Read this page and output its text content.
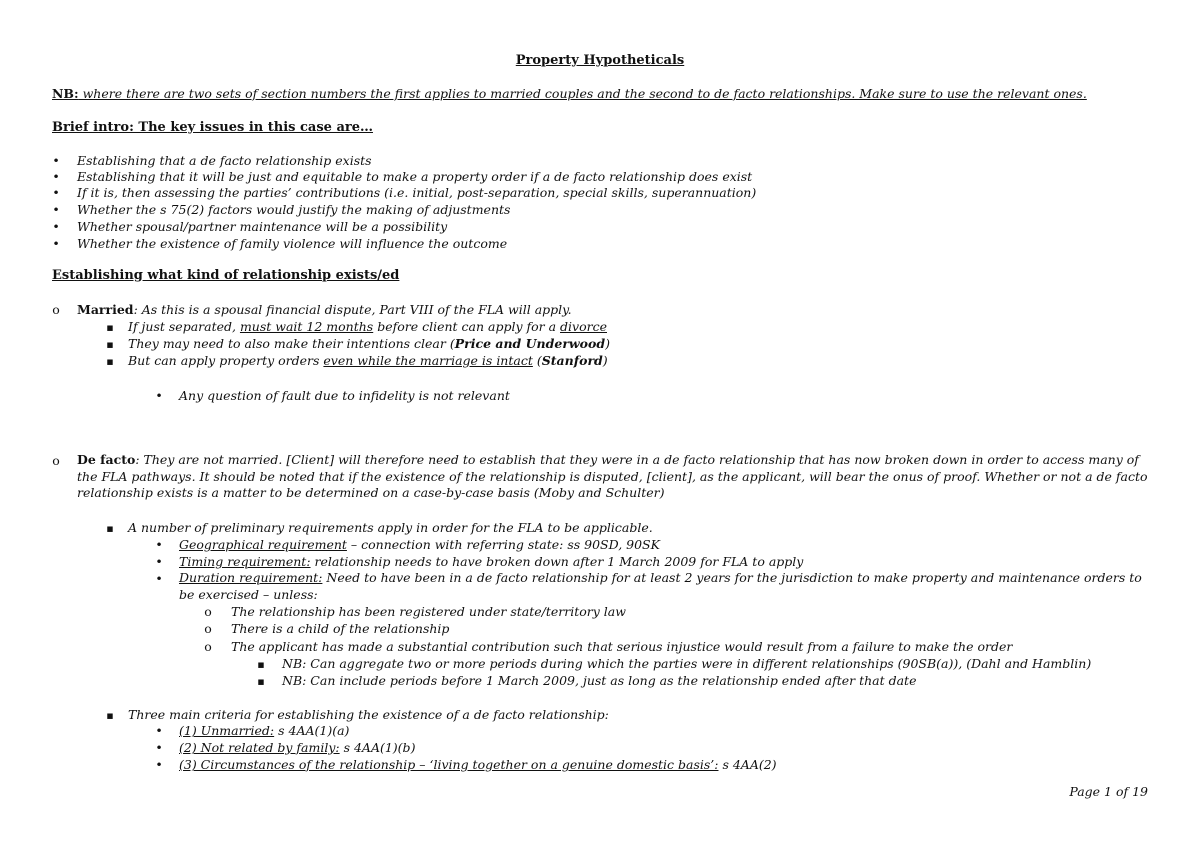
Property Hypotheticals
NB: where there are two sets of section numbers the first applies to married couples and the second to de facto relationships. Make sure to use the relevant ones.
Brief intro: The key issues in this case are…
•
Establishing that a de facto relationship exists
•
Establishing that it will be just and equitable to make a property order if a de facto relationship does exist
•
If it is, then assessing the parties’ contributions (i.e. initial, post-separation, special skills, superannuation)
•
Whether the s 75(2) factors would justify the making of adjustments
•
Whether spousal/partner maintenance will be a possibility
•
Whether the existence of family violence will influence the outcome
Establishing what kind of relationship exists/ed
o
Married: As this is a spousal financial dispute, Part VIII of the FLA will apply.
▪
If just separated, must wait 12 months before client can apply for a divorce
▪
They may need to also make their intentions clear (Price and Underwood)
▪
But can apply property orders even while the marriage is intact (Stanford)
•
Any question of fault due to infidelity is not relevant
o
De facto: They are not married. [Client] will therefore need to establish that they were in a de facto relationship that has now broken down in order to access many of the FLA pathways. It should be noted that if the existence of the relationship is disputed, [client], as the applicant, will bear the onus of proof. Whether or not a de facto relationship exists is a matter to be determined on a case-by-case basis (Moby and Schulter)
▪
A number of preliminary requirements apply in order for the FLA to be applicable.
•
Geographical requirement – connection with referring state: ss 90SD, 90SK
•
Timing requirement: relationship needs to have broken down after 1 March 2009 for FLA to apply
•
Duration requirement: Need to have been in a de facto relationship for at least 2 years for the jurisdiction to make property and maintenance orders to be exercised – unless:
o
The relationship has been registered under state/territory law
o
There is a child of the relationship
o
The applicant has made a substantial contribution such that serious injustice would result from a failure to make the order
▪
NB: Can aggregate two or more periods during which the parties were in different relationships (90SB(a)), (Dahl and Hamblin)
▪
NB: Can include periods before 1 March 2009, just as long as the relationship ended after that date
▪
Three main criteria for establishing the existence of a de facto relationship:
•
(1) Unmarried: s 4AA(1)(a)
•
(2) Not related by family: s 4AA(1)(b)
•
(3) Circumstances of the relationship – ‘living together on a genuine domestic basis’: s 4AA(2)
Page 1 of 19
